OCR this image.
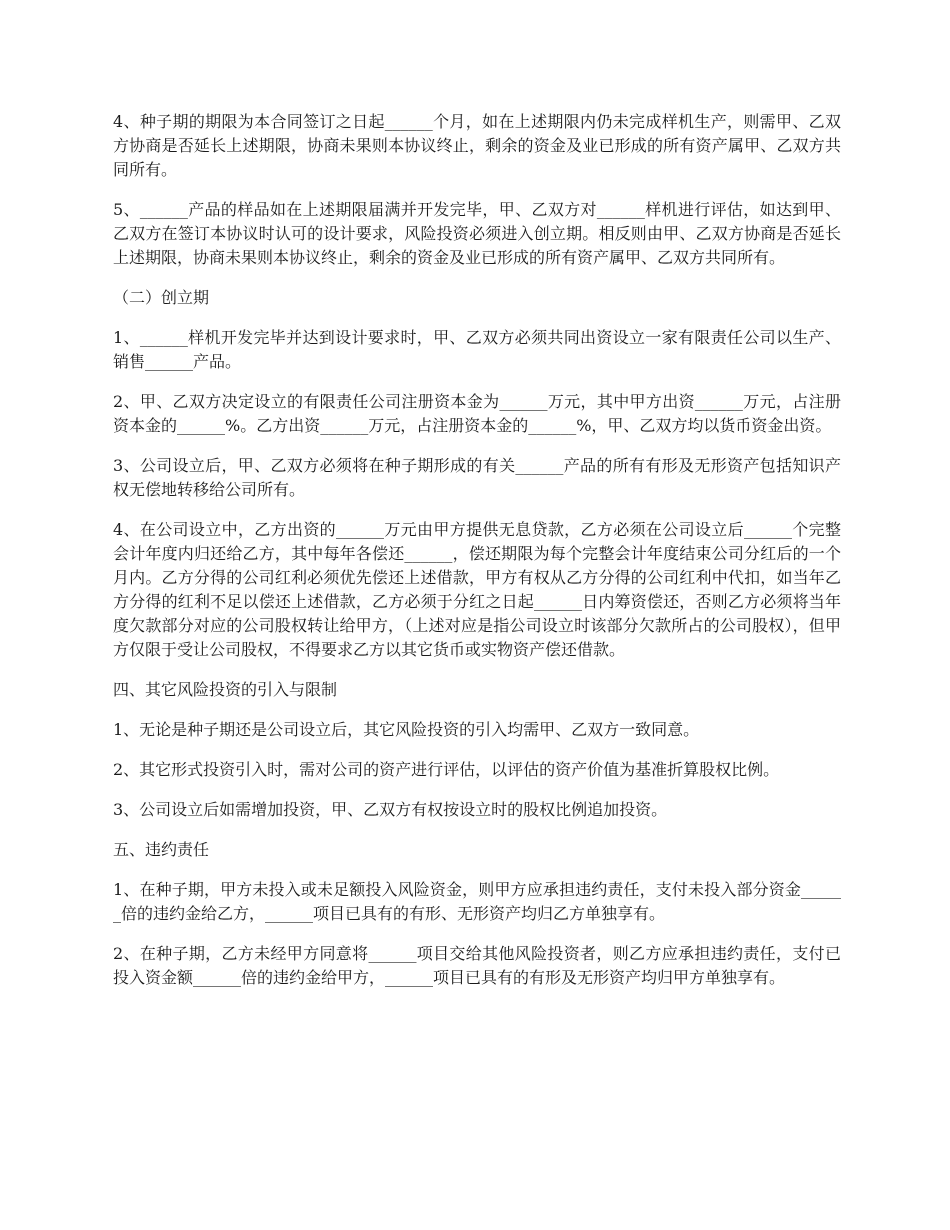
4、种子期的期限为本合同签订之日起______个月，如在上述期限内仍未完成样机生产，则需甲、乙双方协商是否延长上述期限，协商未果则本协议终止，剩余的资金及业已形成的所有资产属甲、乙双方共同所有。

5、______产品的样品如在上述期限届满并开发完毕，甲、乙双方对______样机进行评估，如达到甲、乙双方在签订本协议时认可的设计要求，风险投资必须进入创立期。相反则由甲、乙双方协商是否延长上述期限，协商未果则本协议终止，剩余的资金及业已形成的所有资产属甲、乙双方共同所有。

（二）创立期

1、______样机开发完毕并达到设计要求时，甲、乙双方必须共同出资设立一家有限责任公司以生产、销售______产品。

2、甲、乙双方决定设立的有限责任公司注册资本金为______万元，其中甲方出资______万元，占注册资本金的______%。乙方出资______万元，占注册资本金的______%，甲、乙双方均以货币资金出资。

3、公司设立后，甲、乙双方必须将在种子期形成的有关______产品的所有有形及无形资产包括知识产权无偿地转移给公司所有。

4、在公司设立中，乙方出资的______万元由甲方提供无息贷款，乙方必须在公司设立后______个完整会计年度内归还给乙方，其中每年各偿还______，偿还期限为每个完整会计年度结束公司分红后的一个月内。乙方分得的公司红利必须优先偿还上述借款，甲方有权从乙方分得的公司红利中代扣，如当年乙方分得的红利不足以偿还上述借款，乙方必须于分红之日起______日内筹资偿还，否则乙方必须将当年度欠款部分对应的公司股权转让给甲方，（上述对应是指公司设立时该部分欠款所占的公司股权），但甲方仅限于受让公司股权，不得要求乙方以其它货币或实物资产偿还借款。

四、其它风险投资的引入与限制

1、无论是种子期还是公司设立后，其它风险投资的引入均需甲、乙双方一致同意。

2、其它形式投资引入时，需对公司的资产进行评估，以评估的资产价值为基准折算股权比例。

3、公司设立后如需增加投资，甲、乙双方有权按设立时的股权比例追加投资。

五、违约责任

1、在种子期，甲方未投入或未足额投入风险资金，则甲方应承担违约责任，支付未投入部分资金______倍的违约金给乙方，______项目已具有的有形、无形资产均归乙方单独享有。

2、在种子期，乙方未经甲方同意将______项目交给其他风险投资者，则乙方应承担违约责任，支付已投入资金额______倍的违约金给甲方，______项目已具有的有形及无形资产均归甲方单独享有。
